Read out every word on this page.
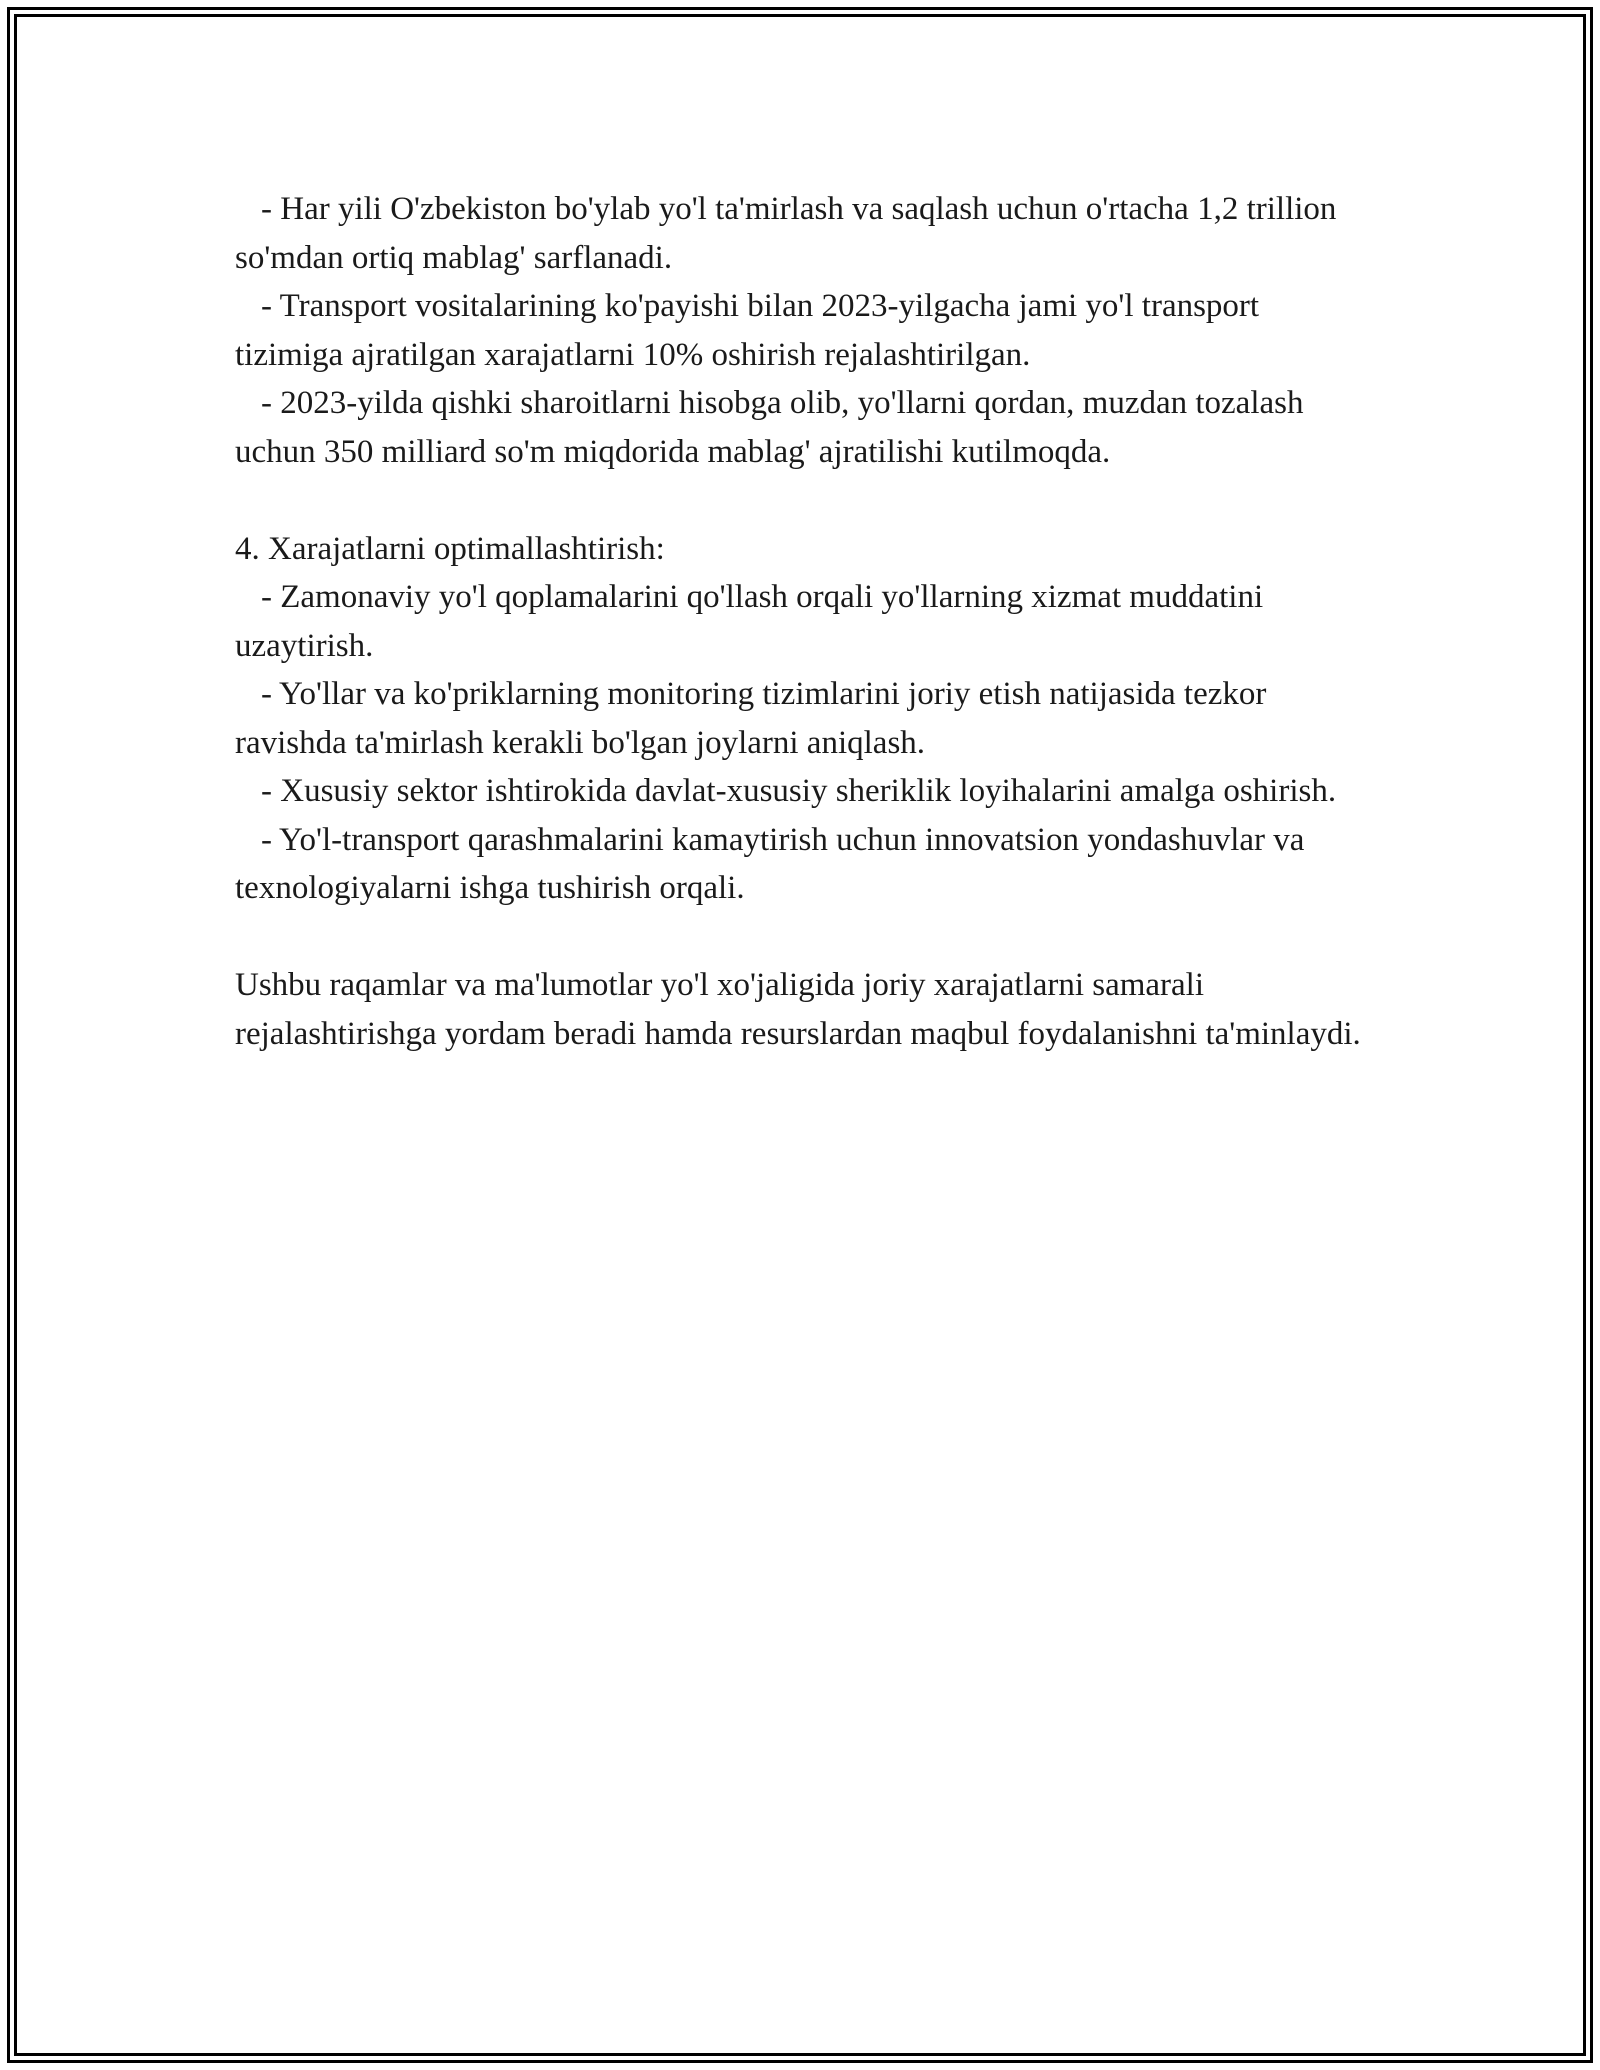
- Har yili O'zbekiston bo'ylab yo'l ta'mirlash va saqlash uchun o'rtacha 1,2 trillion so'mdan ortiq mablag' sarflanadi.

- Transport vositalarining ko'payishi bilan 2023-yilgacha jami yo'l transport tizimiga ajratilgan xarajatlarni 10% oshirish rejalashtirilgan.

- 2023-yilda qishki sharoitlarni hisobga olib, yo'llarni qordan, muzdan tozalash uchun 350 milliard so'm miqdorida mablag' ajratilishi kutilmoqda.

4. Xarajatlarni optimallashtirish:

- Zamonaviy yo'l qoplamalarini qo'llash orqali yo'llarning xizmat muddatini uzaytirish.

- Yo'llar va ko'priklarning monitoring tizimlarini joriy etish natijasida tezkor ravishda ta'mirlash kerakli bo'lgan joylarni aniqlash.

- Xususiy sektor ishtirokida davlat-xususiy sheriklik loyihalarini amalga oshirish.

- Yo'l-transport qarashmalarini kamaytirish uchun innovatsion yondashuvlar va texnologiyalarni ishga tushirish orqali.

Ushbu raqamlar va ma'lumotlar yo'l xo'jaligida joriy xarajatlarni samarali rejalashtirishga yordam beradi hamda resurslardan maqbul foydalanishni ta'minlaydi.
